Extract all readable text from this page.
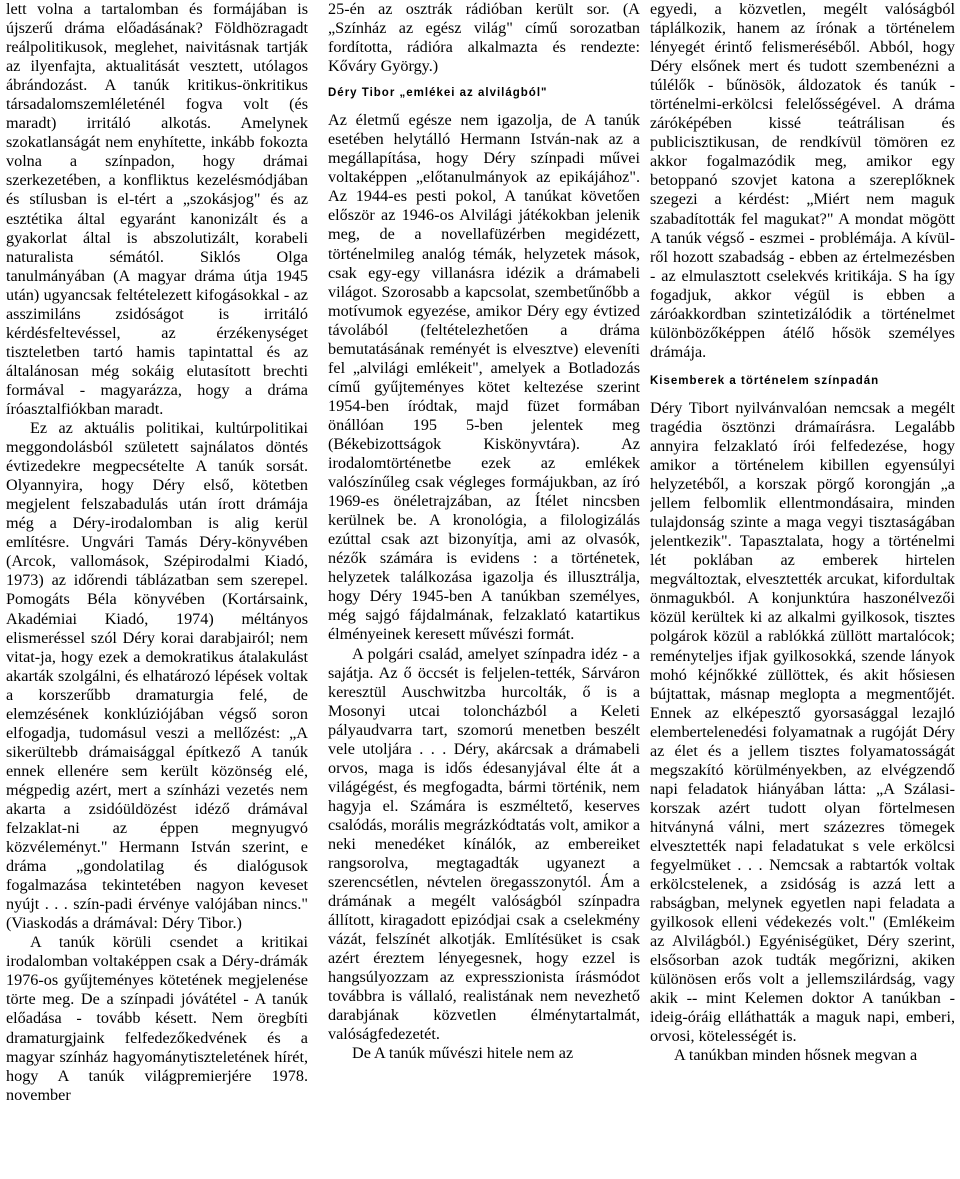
lett volna a tartalomban és formájában is újszerű dráma előadásának? Földhözragadt reálpolitikusok, meglehet, naivitásnak tartják az ilyenfajta, aktualitását vesztett, utólagos ábrándozást. A tanúk kritikus-önkritikus társadalomszemléleténél fogva volt (és maradt) irritáló alkotás. Amelynek szokatlanságát nem enyhítette, inkább fokozta volna a színpadon, hogy drámai szerkezetében, a konfliktus kezelésmódjában és stílusban is el-tért a „szokásjog" és az esztétika által egyaránt kanonizált és a gyakorlat által is abszolutizált, korabeli naturalista sémától. Siklós Olga tanulmányában (A magyar dráma útja 1945 után) ugyancsak feltételezett kifogásokkal - az asszimiláns zsidóságot is irritáló kérdésfeltevéssel, az érzékenységet tiszteletben tartó hamis tapintattal és az általánosan még sokáig elutasított brechti formával - magyarázza, hogy a dráma íróasztalfiókban maradt.

Ez az aktuális politikai, kultúrpolitikai meggondolásból született sajnálatos döntés évtizedekre megpecsételte A tanúk sorsát. Olyannyira, hogy Déry első, kötetben megjelent felszabadulás után írott drámája még a Déry-irodalomban is alig kerül említésre. Ungvári Tamás Déry-könyvében (Arcok, vallomások, Szépirodalmi Kiadó, 1973) az időrendi táblázatban sem szerepel. Pomogáts Béla könyvében (Kortársaink, Akadémiai Kiadó, 1974) méltányos elismeréssel szól Déry korai darabjairól; nem vitat-ja, hogy ezek a demokratikus átalakulást akarták szolgálni, és elhatározó lépések voltak a korszerűbb dramaturgia felé, de elemzésének konklúziójában végső soron elfogadja, tudomásul veszi a mellőzést: „A sikerültebb drámaisággal építkező A tanúk ennek ellenére sem került közönség elé, mégpedig azért, mert a színházi vezetés nem akarta a zsidóüldözést idéző drámával felzaklat-ni az éppen megnyugvó közvéleményt." Hermann István szerint, e dráma „gondolatilag és dialógusok fogalmazása tekintetében nagyon keveset nyújt . . . szín-padi érvénye valójában nincs." (Viaskodás a drámával: Déry Tibor.)

A tanúk körüli csendet a kritikai irodalomban voltaképpen csak a Déry-drámák 1976-os gyűjteményes kötetének megjelenése törte meg. De a színpadi jóvátétel - A tanúk előadása - tovább késett. Nem öregbíti dramaturgjaink felfedezőkedvének és a magyar színház hagyománytiszteletének hírét, hogy A tanúk világpremierjére 1978. november

25-én az osztrák rádióban került sor. (A „Színház az egész világ" című sorozatban fordította, rádióra alkalmazta és rendezte: Kőváry György.)

Déry Tibor „emlékei az alvilágból"

Az életmű egésze nem igazolja, de A tanúk esetében helytálló Hermann István-nak az a megállapítása, hogy Déry színpadi művei voltaképpen „előtanulmányok az epikájához". Az 1944-es pesti pokol, A tanúkat követően először az 1946-os Alvilági játékokban jelenik meg, de a novellafüzérben megidézett, történelmileg analóg témák, helyzetek mások, csak egy-egy villanásra idézik a drámabeli világot. Szorosabb a kapcsolat, szembetűnőbb a motívumok egyezése, amikor Déry egy évtized távolából (feltételezhetően a dráma bemutatásának reményét is elvesztve) eleveníti fel „alvilági emlékeit", amelyek a Botladozás című gyűjteményes kötet keltezése szerint 1954-ben íródtak, majd füzet formában önállóan 195 5-ben jelentek meg (Békebizottságok Kiskönyvtára). Az irodalomtörténetbe ezek az emlékek valószínűleg csak végleges formájukban, az író 1969-es önéletrajzában, az Ítélet nincsben kerülnek be. A kronológia, a filologizálás ezúttal csak azt bizonyítja, ami az olvasók, nézők számára is evidens : a történetek, helyzetek találkozása igazolja és illusztrálja, hogy Déry 1945-ben A tanúkban személyes, még sajgó fájdalmának, felzaklató katartikus élményeinek keresett művészi formát.

A polgári család, amelyet színpadra idéz - a sajátja. Az ő öccsét is feljelen-tették, Sárváron keresztül Auschwitzba hurcolták, ő is a Mosonyi utcai toloncházból a Keleti pályaudvarra tart, szomorú menetben beszélt vele utoljára . . . Déry, akárcsak a drámabeli orvos, maga is idős édesanyjával élte át a világégést, és megfogadta, bármi történik, nem hagyja el. Számára is eszméltető, keserves csalódás, morális megrázkódtatás volt, amikor a neki menedéket kínálók, az embereiket rangsorolva, megtagadták ugyanezt a szerencsétlen, névtelen öregasszonytól. Ám a drámának a megélt valóságból színpadra állított, kiragadott epizódjai csak a cselekmény vázát, felszínét alkotják. Említésüket is csak azért éreztem lényegesnek, hogy ezzel is hangsúlyozzam az expresszionista írásmódot továbbra is vállaló, realistának nem nevezhető darabjának közvetlen élménytartalmát, valóságfedezetét.

De A tanúk művészi hitele nem az

egyedi, a közvetlen, megélt valóságból táplálkozik, hanem az írónak a történelem lényegét érintő felismeréséből. Abból, hogy Déry elsőnek mert és tudott szembenézni a túlélők - bűnösök, áldozatok és tanúk - történelmi-erkölcsi felelősségével. A dráma záróképében kissé teátrálisan és publicisztikusan, de rendkívül tömören ez akkor fogalmazódik meg, amikor egy betoppanó szovjet katona a szereplőknek szegezi a kérdést: „Miért nem maguk szabadították fel magukat?" A mondat mögött A tanúk végső - eszmei - problémája. A kívül-ről hozott szabadság - ebben az értelmezésben - az elmulasztott cselekvés kritikája. S ha így fogadjuk, akkor végül is ebben a záróakkordban szintetizálódik a történelmet különbözőképpen átélő hősök személyes drámája.

Kisemberek a történelem színpadán

Déry Tibort nyilvánvalóan nemcsak a megélt tragédia ösztönzi drámaírásra. Legalább annyira felzaklató írói felfedezése, hogy amikor a történelem kibillen egyensúlyi helyzetéből, a korszak pörgő korongján „a jellem felbomlik ellentmondásaira, minden tulajdonság szinte a maga vegyi tisztaságában jelentkezik". Tapasztalata, hogy a történelmi lét poklában az emberek hirtelen megváltoztak, elvesztették arcukat, kifordultak önmagukból. A konjunktúra haszonélvezői közül kerültek ki az alkalmi gyilkosok, tisztes polgárok közül a rablókká züllött martalócok; reményteljes ifjak gyilkosokká, szende lányok mohó kéjnőkké züllöttek, és akit hősiesen bújtattak, másnap meglopta a megmentőjét. Ennek az elképesztő gyorsasággal lezajló elembertelenedési folyamatnak a rugóját Déry az élet és a jellem tisztes folyamatosságát megszakító körülményekben, az elvégzendő napi feladatok hiányában látta: „A Szálasi-korszak azért tudott olyan förtelmesen hitványná válni, mert százezres tömegek elvesztették napi feladatukat s vele erkölcsi fegyelmüket . . . Nemcsak a rabtartók voltak erkölcstelenek, a zsidóság is azzá lett a rabságban, melynek egyetlen napi feladata a gyilkosok elleni védekezés volt." (Emlékeim az Alvilágból.) Egyéniségüket, Déry szerint, elsősorban azok tudták megőrizni, akiken különösen erős volt a jellemszilárdság, vagy akik -- mint Kelemen doktor A tanúkban - ideig-óráig elláthatták a maguk napi, emberi, orvosi, kötelességét is.

A tanúkban minden hősnek megvan a
